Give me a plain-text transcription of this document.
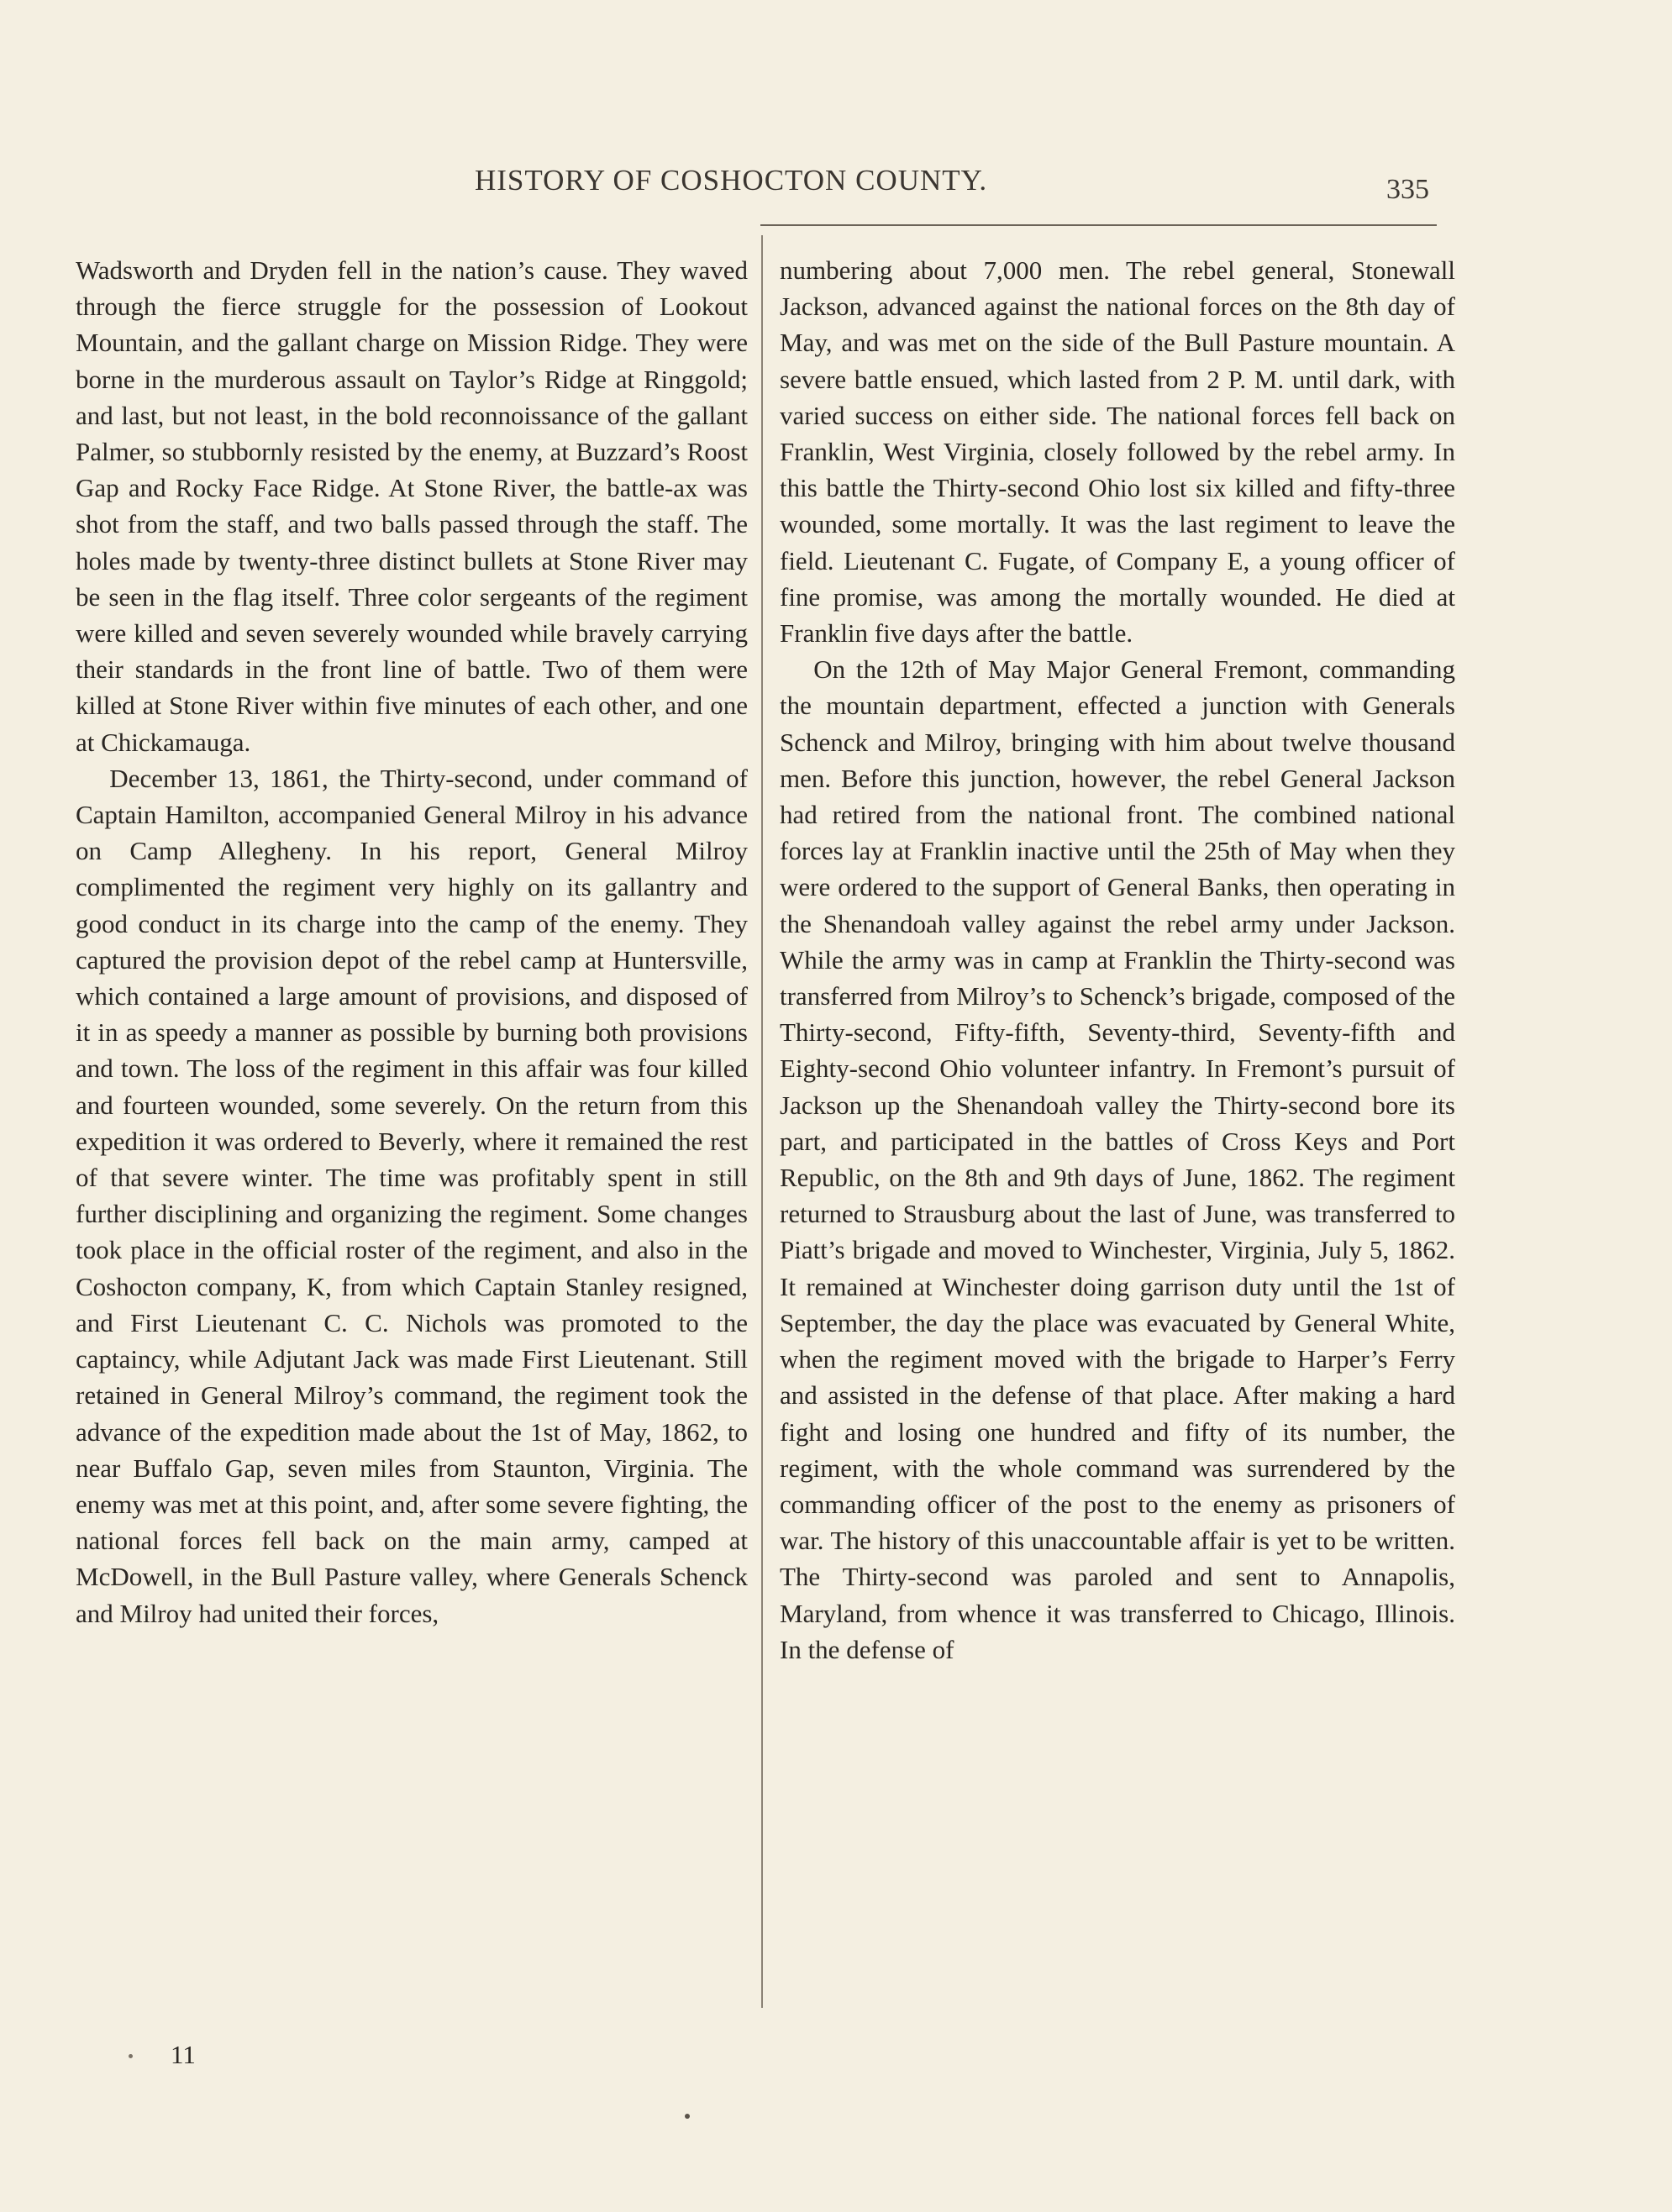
HISTORY OF COSHOCTON COUNTY.	335

Wadsworth and Dryden fell in the nation’s cause. They waved through the fierce struggle for the possession of Lookout Mountain, and the gallant charge on Mission Ridge. They were borne in the murderous assault on Taylor’s Ridge at Ringgold; and last, but not least, in the bold reconnoissance of the gallant Palmer, so stubbornly resisted by the enemy, at Buzzard’s Roost Gap and Rocky Face Ridge. At Stone River, the battle-ax was shot from the staff, and two balls passed through the staff. The holes made by twenty-three distinct bullets at Stone River may be seen in the flag itself. Three color sergeants of the regiment were killed and seven severely wounded while bravely carrying their standards in the front line of battle. Two of them were killed at Stone River within five minutes of each other, and one at Chickamauga.

December 13, 1861, the Thirty-second, under command of Captain Hamilton, accompanied General Milroy in his advance on Camp Allegheny. In his report, General Milroy complimented the regiment very highly on its gallantry and good conduct in its charge into the camp of the enemy. They captured the provision depot of the rebel camp at Huntersville, which contained a large amount of provisions, and disposed of it in as speedy a manner as possible by burning both provisions and town. The loss of the regiment in this affair was four killed and fourteen wounded, some severely. On the return from this expedition it was ordered to Beverly, where it remained the rest of that severe winter. The time was profitably spent in still further disciplining and organizing the regiment. Some changes took place in the official roster of the regiment, and also in the Coshocton company, K, from which Captain Stanley resigned, and First Lieutenant C. C. Nichols was promoted to the captaincy, while Adjutant Jack was made First Lieutenant. Still retained in General Milroy’s command, the regiment took the advance of the expedition made about the 1st of May, 1862, to near Buffalo Gap, seven miles from Staunton, Virginia. The enemy was met at this point, and, after some severe fighting, the national forces fell back on the main army, camped at McDowell, in the Bull Pasture valley, where Generals Schenck and Milroy had united their forces,

numbering about 7,000 men. The rebel general, Stonewall Jackson, advanced against the national forces on the 8th day of May, and was met on the side of the Bull Pasture mountain. A severe battle ensued, which lasted from 2 P. M. until dark, with varied success on either side. The national forces fell back on Franklin, West Virginia, closely followed by the rebel army. In this battle the Thirty-second Ohio lost six killed and fifty-three wounded, some mortally. It was the last regiment to leave the field. Lieutenant C. Fugate, of Company E, a young officer of fine promise, was among the mortally wounded. He died at Franklin five days after the battle.

On the 12th of May Major General Fremont, commanding the mountain department, effected a junction with Generals Schenck and Milroy, bringing with him about twelve thousand men. Before this junction, however, the rebel General Jackson had retired from the national front. The combined national forces lay at Franklin inactive until the 25th of May when they were ordered to the support of General Banks, then operating in the Shenandoah valley against the rebel army under Jackson. While the army was in camp at Franklin the Thirty-second was transferred from Milroy’s to Schenck’s brigade, composed of the Thirty-second, Fifty-fifth, Seventy-third, Seventy-fifth and Eighty-second Ohio volunteer infantry. In Fremont’s pursuit of Jackson up the Shenandoah valley the Thirty-second bore its part, and participated in the battles of Cross Keys and Port Republic, on the 8th and 9th days of June, 1862. The regiment returned to Strausburg about the last of June, was transferred to Piatt’s brigade and moved to Winchester, Virginia, July 5, 1862. It remained at Winchester doing garrison duty until the 1st of September, the day the place was evacuated by General White, when the regiment moved with the brigade to Harper’s Ferry and assisted in the defense of that place. After making a hard fight and losing one hundred and fifty of its number, the regiment, with the whole command was surrendered by the commanding officer of the post to the enemy as prisoners of war. The history of this unaccountable affair is yet to be written. The Thirty-second was paroled and sent to Annapolis, Maryland, from whence it was transferred to Chicago, Illinois. In the defense of

11
